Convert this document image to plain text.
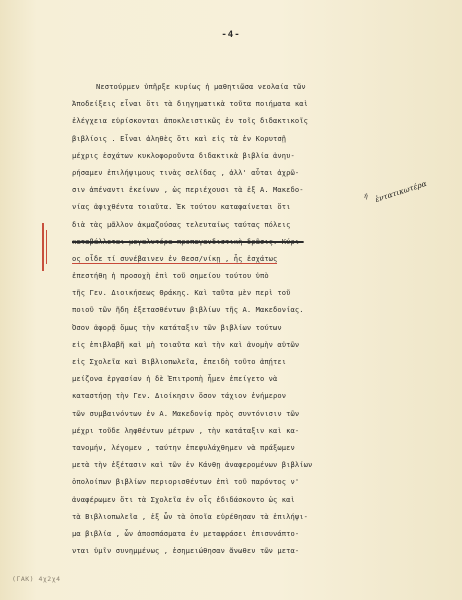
-4-
ἐντατικωτέρα
ή
Νεστούρμεν ὑπῆρξε κυρίως ἡ μαθητιῶσα νεολαία τῶν
Ἀποδείξεις εἶναι ὅτι τὰ διηγηματικὰ τοῦτα ποιήματα καὶ
ἐλέγχεια εὑρίσκονται ἀποκλειστικῶς ἐν τοῖς διδακτικοῖς
βιβλίοις . Εἶναι ἀληθὲς ὅτι καὶ εἰς τὰ ἐν Κορυτσῇ
μέχρις ἐσχάτων κυκλοφοροῦντα διδακτικὰ βιβλία ἀνηυ-
ρήσαμεν ἐπιλήψιμους τινὰς σελίδας , ἀλλ' αὗται ἀχρῶ-
σιν ἀπέναντι ἐκείνων , ὡς περιέχουσι τὰ ἐξ Α. Μακεδο-
νίας ἀφιχθέντα τοιαῦτα. Ἐκ τούτου καταφαίνεται ὅτι
διὰ τὰς μᾶλλον ἀκμαζούσας τελευταίως ταύτας πόλεις
καταβάλλεται μεγαλυτέρα προπαγανδιστικὴ δρᾶσις. Κύρι-
ος οἶδε τί συνέβαινεν ἐν Θεσσ/νίκῃ , ἧς ἐσχάτως
ἐπεστήθη ἡ προσοχὴ ἐπὶ τοῦ σημείου τούτου ὑπὸ
τῆς Γεν. Διοικήσεως Θράκης. Καὶ ταῦτα μὲν περὶ τοῦ
ποιοῦ τῶν ἤδη ἐξετασθέντων βιβλίων τῆς Α. Μακεδονίας.
Ὅσον ἀφορᾷ ὅμως τὴν κατάταξιν τῶν βιβλίων τούτων
εἰς ἐπιβλαβῆ καὶ μὴ τοιαῦτα καὶ τὴν καὶ ἀνομὴν αὐτῶν
εἰς Σχολεῖα καὶ Βιβλιοπωλεῖα, ἐπειδὴ τοῦτο ἀπῄτει
μείζονα ἐργασίαν ἡ δὲ Ἐπιτροπὴ ἦμεν ἐπείγετο νὰ
καταστήσῃ τὴν Γεν. Διοίκησιν ὅσον τάχιον ἐνήμερον
τῶν συμβαινόντων ἐν Α. Μακεδονίᾳ πρὸς συντόνισιν τῶν
μέχρι τοῦδε ληφθέντων μέτρων , τὴν κατάταξιν καὶ κα-
τανομήν, λέγομεν , ταύτην ἐπεφυλάχθημεν νὰ πράξωμεν
μετὰ τὴν ἐξέτασιν καὶ τῶν ἐν Κάνθῃ ἀναφερομένων βιβλίων
ὁπολοίπων βιβλίων περιορισθέντων ἐπὶ τοῦ παρόντος ν'
ἀναφέρωμεν ὅτι τὰ Σχολεῖα ἐν οἷς ἐδιδάσκοντο ὡς καὶ
τὰ Βιβλιοπωλεῖα , ἐξ ὧν τὰ ὁποῖα εὑρέθησαν τὰ ἐπιλήψι-
μα βιβλία , ὧν ἀποσπάσματα ἐν μεταφράσει ἐπισυνάπτο-
νται ὑμῖν συνημμένως , ἐσημειώθησαν ἄνωθεν τῶν μετα-
(ΓΑΚ) 4χ2χ4
